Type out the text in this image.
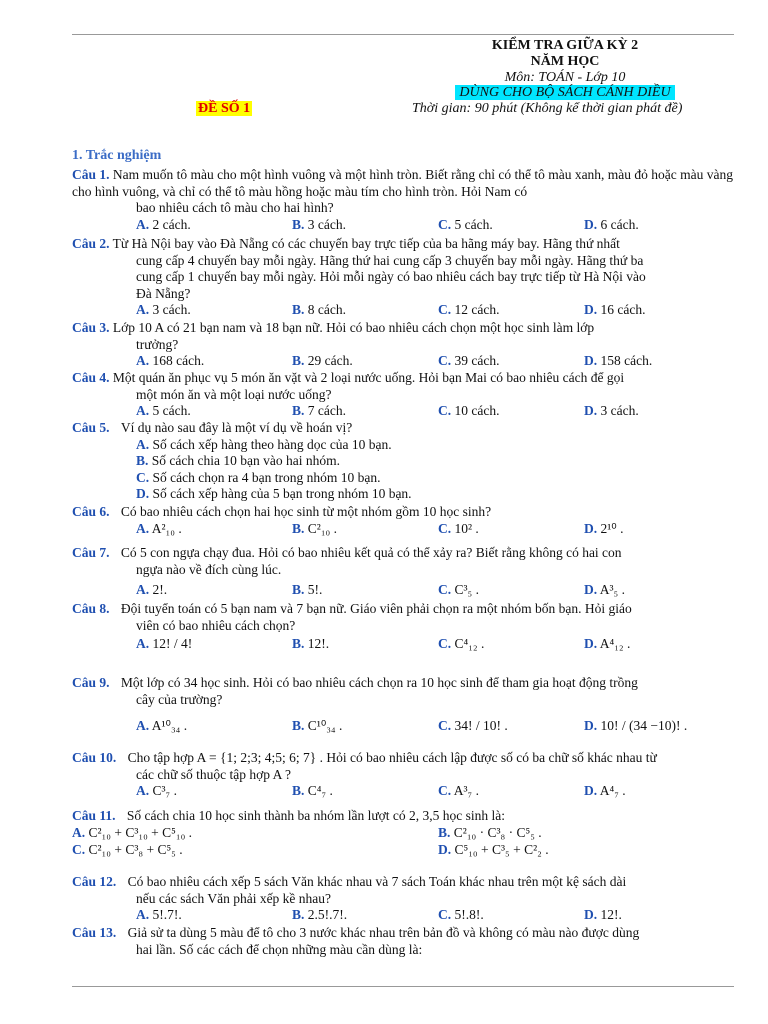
KIỂM TRA GIỮA KỲ 2
NĂM HỌC
Môn: TOÁN - Lớp 10
DÙNG CHO BỘ SÁCH CÁNH DIỀU
ĐỀ SỐ 1	Thời gian: 90 phút (Không kể thời gian phát đề)
1. Trắc nghiệm
Câu 1. Nam muốn tô màu cho một hình vuông và một hình tròn. Biết rằng chỉ có thể tô màu xanh, màu đỏ hoặc màu vàng cho hình vuông, và chỉ có thể tô màu hồng hoặc màu tím cho hình tròn. Hỏi Nam có
bao nhiêu cách tô màu cho hai hình?
A. 2 cách.	B. 3 cách.	C. 5 cách.	D. 6 cách.
Câu 2. Từ Hà Nội bay vào Đà Nẵng có các chuyến bay trực tiếp của ba hãng máy bay. Hãng thứ nhất
cung cấp 4 chuyến bay mỗi ngày. Hãng thứ hai cung cấp 3 chuyến bay mỗi ngày. Hãng thứ ba
cung cấp 1 chuyến bay mỗi ngày. Hỏi mỗi ngày có bao nhiêu cách bay trực tiếp từ Hà Nội vào
Đà Nẵng?
A. 3 cách.	B. 8 cách.	C. 12 cách.	D. 16 cách.
Câu 3. Lớp 10 A có 21 bạn nam và 18 bạn nữ. Hỏi có bao nhiêu cách chọn một học sinh làm lớp
trưởng?
A. 168 cách.	B. 29 cách.	C. 39 cách.	D. 158 cách.
Câu 4. Một quán ăn phục vụ 5 món ăn vặt và 2 loại nước uống. Hỏi bạn Mai có bao nhiêu cách để gọi
một món ăn và một loại nước uống?
A. 5 cách.	B. 7 cách.	C. 10 cách.	D. 3 cách.
Câu 5. Ví dụ nào sau đây là một ví dụ về hoán vị?
A. Số cách xếp hàng theo hàng dọc của 10 bạn.
B. Số cách chia 10 bạn vào hai nhóm.
C. Số cách chọn ra 4 bạn trong nhóm 10 bạn.
D. Số cách xếp hàng của 5 bạn trong nhóm 10 bạn.
Câu 6. Có bao nhiêu cách chọn hai học sinh từ một nhóm gồm 10 học sinh?
A. A²₁₀ .	B. C²₁₀ .	C. 10² .	D. 2¹⁰ .
Câu 7. Có 5 con ngựa chạy đua. Hỏi có bao nhiêu kết quả có thể xảy ra? Biết rằng không có hai con
ngựa nào về đích cùng lúc.
A. 2!.	B. 5!.	C. C³₅ .	D. A³₅ .
Câu 8. Đội tuyển toán có 5 bạn nam và 7 bạn nữ. Giáo viên phải chọn ra một nhóm bốn bạn. Hỏi giáo
viên có bao nhiêu cách chọn?
A. 12! / 4!	B. 12!.	C. C⁴₁₂ .	D. A⁴₁₂ .
Câu 9. Một lớp có 34 học sinh. Hỏi có bao nhiêu cách chọn ra 10 học sinh để tham gia hoạt động trồng
cây của trường?
A. A¹⁰₃₄ .	B. C¹⁰₃₄ .	C. 34! / 10! .	D. 10! / (34 −10)! .
Câu 10. Cho tập hợp A = {1; 2;3; 4;5; 6; 7} . Hỏi có bao nhiêu cách lập được số có ba chữ số khác nhau từ
các chữ số thuộc tập hợp A ?
A. C³₇ .	B. C⁴₇ .	C. A³₇ .	D. A⁴₇ .
Câu 11. Số cách chia 10 học sinh thành ba nhóm lần lượt có 2, 3,5 học sinh là:
A. C²₁₀ + C³₁₀ + C⁵₁₀ .	B. C²₁₀ · C³₈ · C⁵₅ .
C. C²₁₀ + C³₈ + C⁵₅ .	D. C⁵₁₀ + C³₅ + C²₂ .
Câu 12. Có bao nhiêu cách xếp 5 sách Văn khác nhau và 7 sách Toán khác nhau trên một kệ sách dài
nếu các sách Văn phải xếp kề nhau?
A. 5!.7!.	B. 2.5!.7!.	C. 5!.8!.	D. 12!.
Câu 13. Giả sử ta dùng 5 màu để tô cho 3 nước khác nhau trên bản đồ và không có màu nào được dùng
hai lần. Số các cách để chọn những màu cần dùng là:
